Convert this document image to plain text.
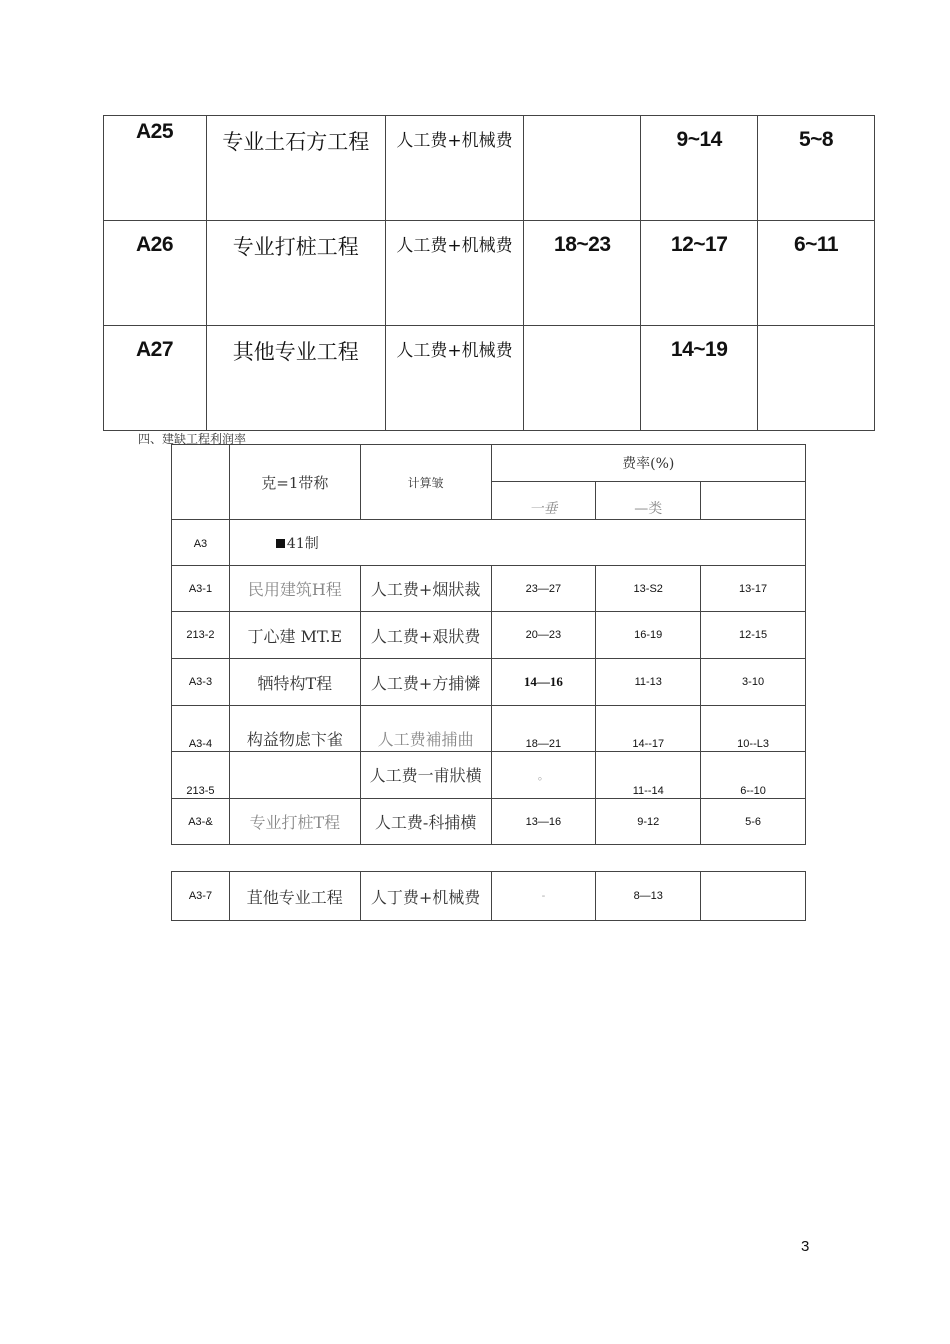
A25	专业土石方工程	人工费+机械费		9~14	5~8
A26	专业打桩工程	人工费+机械费	18~23	12~17	6~11
A27	其他专业工程	人工费+机械费		14~19	
四、建缺工程利润率
	克=1带称	计算皱	费率(%)		
			一垂	—类	
A3	41制				
A3-1	民用建筑H程	人工费+烟狀裁	23—27	13-S2	13-17
213-2	丁心建 MT.E	人工费+艰狀费	20—23	16-19	12-15
A3-3	牺特构T程	人工费+方捕憐	14—16	11-13	3-10
A3-4	构益物虑卞雀	人工费補捕曲	18—21	14--17	10--L3
213-5		人工费一甫狀横	。	11--14	6--10
A3-&	专业打桩T程	人工费-科捕横	13—16	9-12	5-6
A3-7	苴他专业工程	人丁费+机械费	-	8—13	
3
